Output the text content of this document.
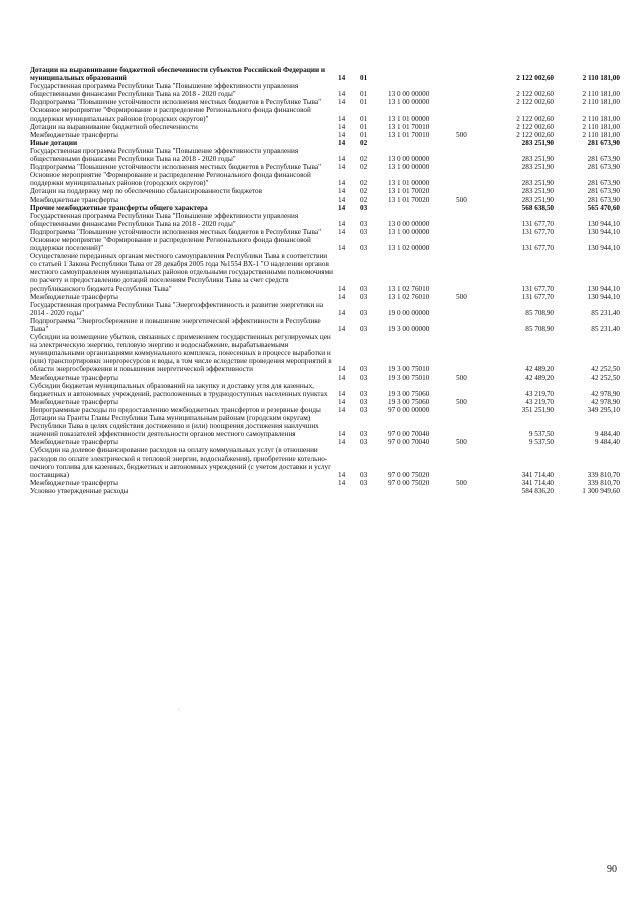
Дотации на выравнивание бюджетной обеспеченности субъектов Российской Федерации и муниципальных образований	14	01	2 122 002,60	2 110 181,00
Государственная программа Республики Тыва "Повышение эффективности управления общественными финансами Республики Тыва на 2018 - 2020 годы"	14	01	13 0 00 00000	2 122 002,60	2 110 181,00
Подпрограмма "Повышение устойчивости исполнения местных бюджетов в Республике Тыва"	14	01	13 1 00 00000	2 122 002,60	2 110 181,00
Основное мероприятие "Формирование и распределение Регионального фонда финансовой поддержки муниципальных районов (городских округов)"	14	01	13 1 01 00000	2 122 002,60	2 110 181,00
Дотации на выравнивание бюджетной обеспеченности	14	01	13 1 01 70010	2 122 002,60	2 110 181,00
Межбюджетные трансферты	14	01	13 1 01 70010	500	2 122 002,60	2 110 181,00
Иные дотации	14	02	283 251,90	281 673,90
Государственная программа Республики Тыва "Повышение эффективности управления общественными финансами Республики Тыва на 2018 - 2020 годы"	14	02	13 0 00 00000	283 251,90	281 673,90
Подпрограмма "Повышение устойчивости исполнения местных бюджетов в Республике Тыва"	14	02	13 1 00 00000	283 251,90	281 673,90
Основное мероприятие "Формирование и распределение Регионального фонда финансовой поддержки муниципальных районов (городских округов)"	14	02	13 1 01 00000	283 251,90	281 673,90
Дотации на поддержку мер по обеспечению сбалансированности бюджетов	14	02	13 1 01 70020	283 251,90	281 673,90
Межбюджетные трансферты	14	02	13 1 01 70020	500	283 251,90	281 673,90
Прочие межбюджетные трансферты общего характера	14	03	568 638,50	565 470,60
Государственная программа Республики Тыва "Повышение эффективности управления общественными финансами Республики Тыва на 2018 - 2020 годы"	14	03	13 0 00 00000	131 677,70	130 944,10
Подпрограмма "Повышение устойчивости исполнения местных бюджетов в Республике Тыва"	14	03	13 1 00 00000	131 677,70	130 944,10
Основное мероприятие "Формирование и распределение Регионального фонда финансовой поддержки поселений)"	14	03	13 1 02 00000	131 677,70	130 944,10
Осуществление переданных органам местного самоуправления Республики Тыва в соответствии со статьей 1 Закона Республики Тыва от 28 декабря 2005 года №1554 ВХ-1 "О наделении органов местного самоуправления муниципальных районов отдельными государственными полномочиями по расчету и предоставлению дотаций поселениям Республики Тыва за счет средств республиканского бюджета Республики Тыва"	14	03	13 1 02 76010	131 677,70	130 944,10
Межбюджетные трансферты	14	03	13 1 02 76010	500	131 677,70	130 944,10
Государственная программа Республики Тыва "Энергоэффективность и развитие энергетики на 2014 - 2020 годы"	14	03	19 0 00 00000	85 708,90	85 231,40
Подпрограмма "Энергосбережение и повышение энергетической эффективности в Республике Тыва"	14	03	19 3 00 00000	85 708,90	85 231,40
Субсидии на возмещение убытков, связанных с применением государственных регулируемых цен на электрическую энергию, тепловую энергию и водоснабжение, вырабатываемыми муниципальными организациями коммунального комплекса, понесенных в процессе выработки и (или) транспортировки энергоресурсов и воды, в том числе вследствие проведения мероприятий в области энергосбережения и повышения энергетической эффективности	14	03	19 3 00 75010	42 489,20	42 252,50
Межбюджетные трансферты	14	03	19 3 00 75010	500	42 489,20	42 252,50
Субсидии бюджетам муниципальных образований на закупку и доставку угля для казенных, бюджетных и автономных учреждений, расположенных в труднодоступных населенных пунктах	14	03	19 3 00 75060	43 219,70	42 978,90
Межбюджетные трансферты	14	03	19 3 00 75060	500	43 219,70	42 978,90
Непрограммные расходы по предоставлению межбюджетных трансфертов и резервные фонды	14	03	97 0 00 00000	351 251,90	349 295,10
Дотации на Гранты Главы Республики Тыва муниципальным районам (городским округам) Республики Тыва в целях содействия достижению и (или) поощрения достижения наилучших значений показателей эффективности деятельности органов местного самоуправления	14	03	97 0 00 70040	9 537,50	9 484,40
Межбюджетные трансферты	14	03	97 0 00 70040	500	9 537,50	9 484,40
Субсидии на долевое финансирование расходов на оплату коммунальных услуг (в отношении расходов по оплате электрической и тепловой энергии, водоснабжения), приобретение котельно-печного топлива для казенных, бюджетных и автономных учреждений (с учетом доставки и услуг поставщика)	14	03	97 0 00 75020	341 714,40	339 810,70
Межбюджетные трансферты	14	03	97 0 00 75020	500	341 714,40	339 810,70
Условно утвержденные расходы	584 836,20	1 300 949,60
90
.
